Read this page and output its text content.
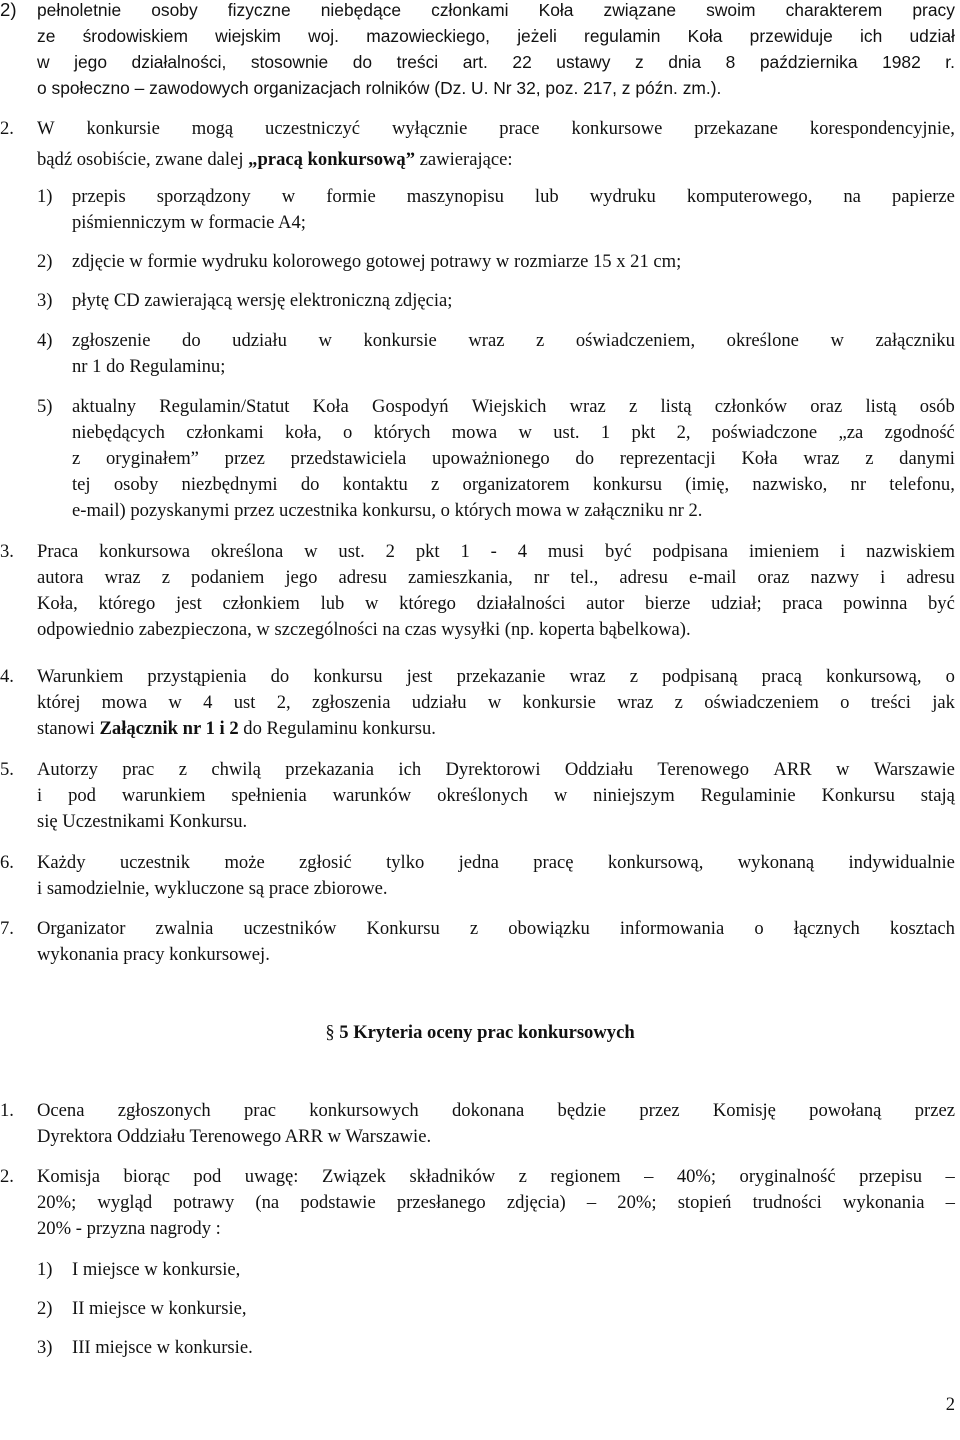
2) pełnoletnie osoby fizyczne niebędące członkami Koła związane swoim charakterem pracy
ze środowiskiem wiejskim woj. mazowieckiego, jeżeli regulamin Koła przewiduje ich udział
w jego działalności, stosownie do treści art. 22 ustawy z dnia 8 października 1982 r.
o społeczno – zawodowych organizacjach rolników (Dz. U. Nr 32, poz. 217, z późn. zm.).
2. W konkursie mogą uczestniczyć wyłącznie prace konkursowe przekazane korespondencyjnie,
bądź osobiście, zwane dalej „pracą konkursową” zawierające:
1) przepis sporządzony w formie maszynopisu lub wydruku komputerowego, na papierze
piśmienniczym w formacie A4;
2) zdjęcie w formie wydruku kolorowego gotowej potrawy w rozmiarze 15 x 21 cm;
3) płytę CD zawierającą wersję elektroniczną zdjęcia;
4) zgłoszenie do udziału w konkursie wraz z oświadczeniem, określone w załączniku
nr 1 do Regulaminu;
5) aktualny Regulamin/Statut Koła Gospodyń Wiejskich wraz z listą członków oraz listą osób
niebędących członkami koła, o których mowa w ust. 1 pkt 2, poświadczone „za zgodność
z oryginałem” przez przedstawiciela upoważnionego do reprezentacji Koła wraz z danymi
tej osoby niezbędnymi do kontaktu z organizatorem konkursu (imię, nazwisko, nr telefonu,
e-mail) pozyskanymi przez uczestnika konkursu, o których mowa w załączniku nr 2.
3. Praca konkursowa określona w ust. 2 pkt 1 - 4 musi być podpisana imieniem i nazwiskiem
autora wraz z podaniem jego adresu zamieszkania, nr tel., adresu e-mail oraz nazwy i adresu
Koła, którego jest członkiem lub w którego działalności autor bierze udział; praca powinna być
odpowiednio zabezpieczona, w szczególności na czas wysyłki (np. koperta bąbelkowa).
4. Warunkiem przystąpienia do konkursu jest przekazanie wraz z podpisaną pracą konkursową, o
której mowa w 4 ust 2, zgłoszenia udziału w konkursie wraz z oświadczeniem o treści jak
stanowi Załącznik nr 1 i 2 do Regulaminu konkursu.
5. Autorzy prac z chwilą przekazania ich Dyrektorowi Oddziału Terenowego ARR w Warszawie
i pod warunkiem spełnienia warunków określonych w niniejszym Regulaminie Konkursu stają
się Uczestnikami Konkursu.
6. Każdy uczestnik może zgłosić tylko jedna pracę konkursową, wykonaną indywidualnie
i samodzielnie, wykluczone są prace zbiorowe.
7. Organizator zwalnia uczestników Konkursu z obowiązku informowania o łącznych kosztach
wykonania pracy konkursowej.
§ 5 Kryteria oceny prac konkursowych
1. Ocena zgłoszonych prac konkursowych dokonana będzie przez Komisję powołaną przez
Dyrektora Oddziału Terenowego ARR w Warszawie.
2. Komisja biorąc pod uwagę: Związek składników z regionem – 40%; oryginalność przepisu –
20%; wygląd potrawy (na podstawie przesłanego zdjęcia) – 20%; stopień trudności wykonania –
20% - przyzna nagrody :
1) I miejsce w konkursie,
2) II miejsce w konkursie,
3) III miejsce w konkursie.
2
